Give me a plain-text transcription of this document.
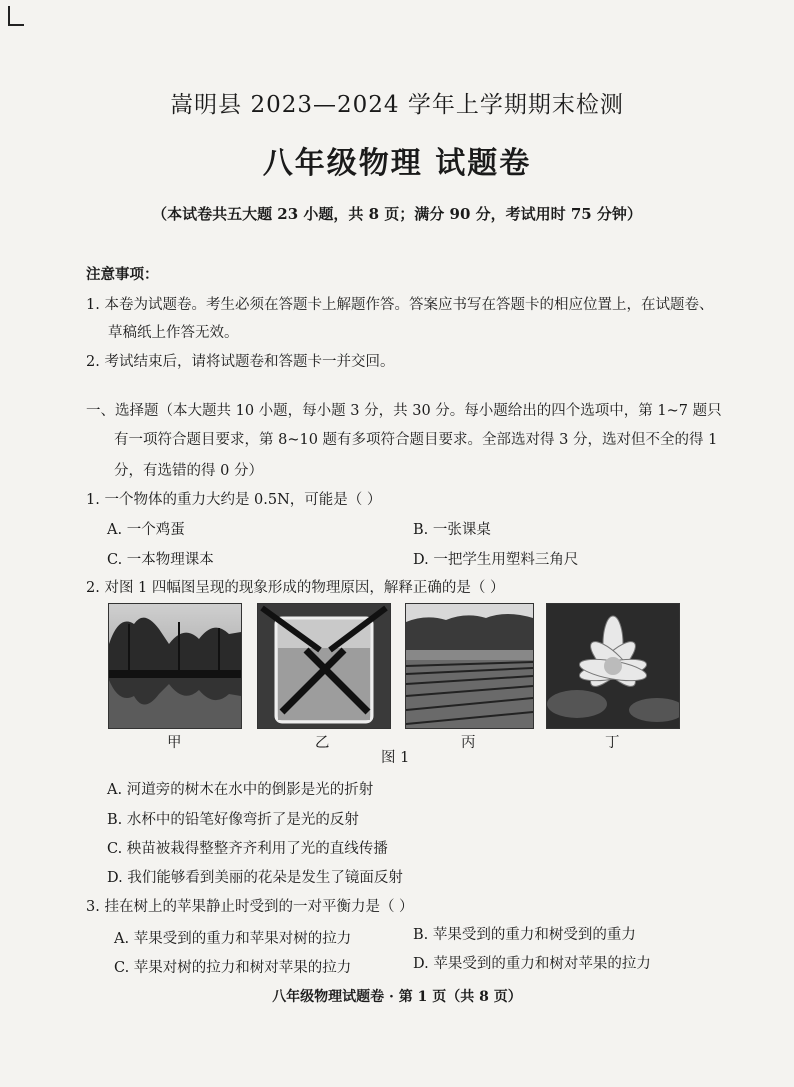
嵩明县 2023—2024 学年上学期期末检测
八年级物理 试题卷
（本试卷共五大题 23 小题，共 8 页；满分 90 分，考试用时 75 分钟）
注意事项：
1. 本卷为试题卷。考生必须在答题卡上解题作答。答案应书写在答题卡的相应位置上，在试题卷、
草稿纸上作答无效。
2. 考试结束后，请将试题卷和答题卡一并交回。
一、选择题（本大题共 10 小题，每小题 3 分，共 30 分。每小题给出的四个选项中，第 1~7 题只
有一项符合题目要求，第 8~10 题有多项符合题目要求。全部选对得 3 分，选对但不全的得 1
分，有选错的得 0 分）
1. 一个物体的重力大约是 0.5N，可能是（ ）
A. 一个鸡蛋	B. 一张课桌
C. 一本物理课本	D. 一把学生用塑料三角尺
2. 对图 1 四幅图呈现的现象形成的物理原因，解释正确的是（ ）
甲	乙	丙	丁
图 1
A. 河道旁的树木在水中的倒影是光的折射
B. 水杯中的铅笔好像弯折了是光的反射
C. 秧苗被栽得整整齐齐利用了光的直线传播
D. 我们能够看到美丽的花朵是发生了镜面反射
3. 挂在树上的苹果静止时受到的一对平衡力是（ ）
A. 苹果受到的重力和苹果对树的拉力	B. 苹果受到的重力和树受到的重力
C. 苹果对树的拉力和树对苹果的拉力	D. 苹果受到的重力和树对苹果的拉力
八年级物理试题卷 · 第 1 页（共 8 页）
